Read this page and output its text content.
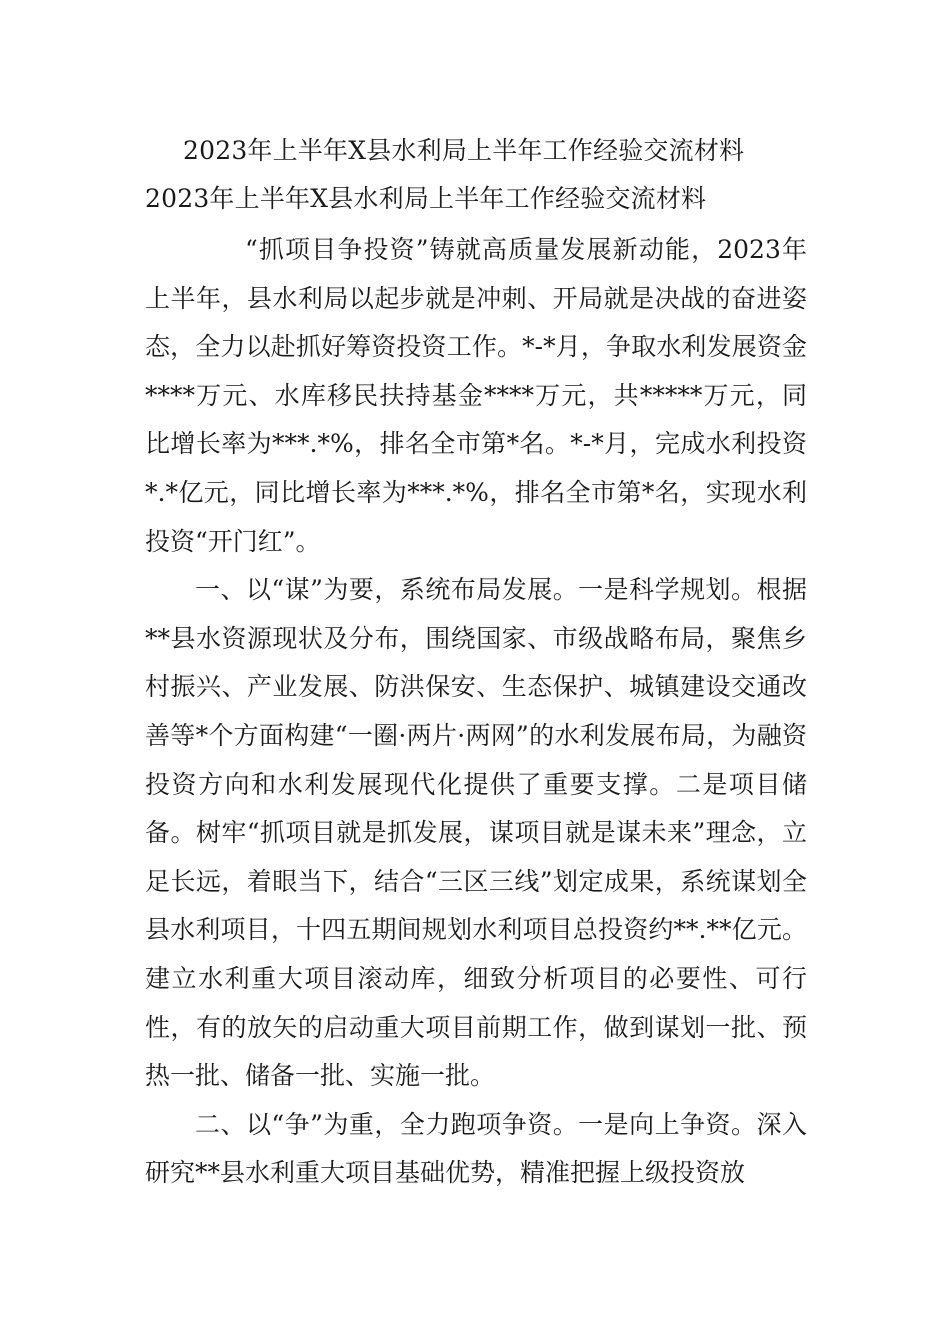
2023年上半年X县水利局上半年工作经验交流材料
2023年上半年X县水利局上半年工作经验交流材料

“抓项目争投资”铸就高质量发展新动能，2023年上半年，县水利局以起步就是冲刺、开局就是决战的奋进姿态，全力以赴抓好筹资投资工作。*-*月，争取水利发展资金****万元、水库移民扶持基金****万元，共*****万元，同比增长率为***.*%，排名全市第*名。*-*月，完成水利投资*.*亿元，同比增长率为***.*%，排名全市第*名，实现水利投资“开门红”。

一、以“谋”为要，系统布局发展。一是科学规划。根据**县水资源现状及分布，围绕国家、市级战略布局，聚焦乡村振兴、产业发展、防洪保安、生态保护、城镇建设交通改善等*个方面构建“一圈·两片·两网”的水利发展布局，为融资投资方向和水利发展现代化提供了重要支撑。二是项目储备。树牢“抓项目就是抓发展，谋项目就是谋未来”理念，立足长远，着眼当下，结合“三区三线”划定成果，系统谋划全县水利项目，十四五期间规划水利项目总投资约**.**亿元。建立水利重大项目滚动库，细致分析项目的必要性、可行性，有的放矢的启动重大项目前期工作，做到谋划一批、预热一批、储备一批、实施一批。

二、以“争”为重，全力跑项争资。一是向上争资。深入研究**县水利重大项目基础优势，精准把握上级投资放
